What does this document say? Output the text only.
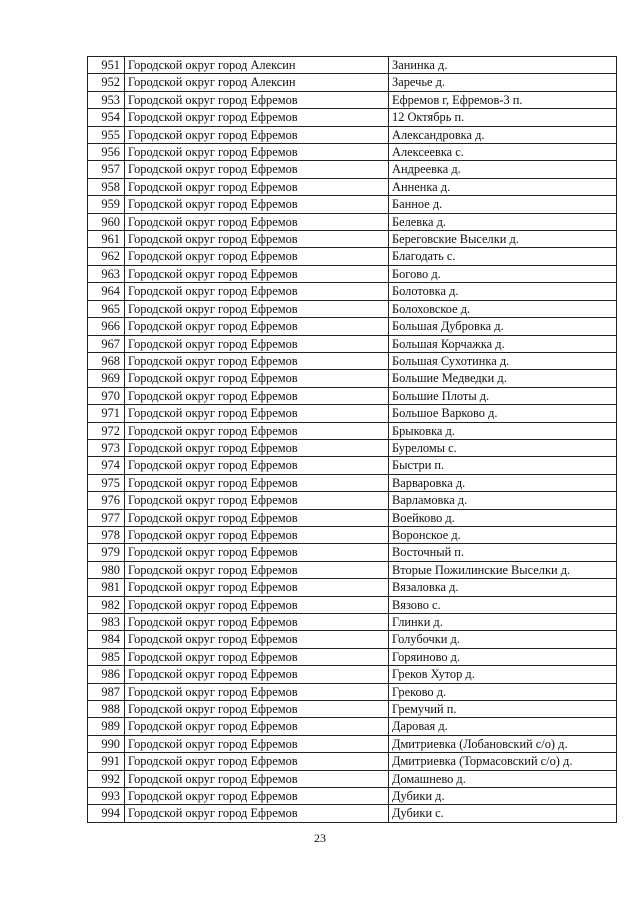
951	Городской округ город Алексин	Занинка д.
952	Городской округ город Алексин	Заречье д.
953	Городской округ город Ефремов	Ефремов г, Ефремов-3 п.
954	Городской округ город Ефремов	12 Октябрь п.
955	Городской округ город Ефремов	Александровка д.
956	Городской округ город Ефремов	Алексеевка с.
957	Городской округ город Ефремов	Андреевка д.
958	Городской округ город Ефремов	Анненка д.
959	Городской округ город Ефремов	Банное д.
960	Городской округ город Ефремов	Белевка д.
961	Городской округ город Ефремов	Береговские Выселки д.
962	Городской округ город Ефремов	Благодать с.
963	Городской округ город Ефремов	Богово д.
964	Городской округ город Ефремов	Болотовка д.
965	Городской округ город Ефремов	Болоховское д.
966	Городской округ город Ефремов	Большая Дубровка д.
967	Городской округ город Ефремов	Большая Корчажка д.
968	Городской округ город Ефремов	Большая Сухотинка д.
969	Городской округ город Ефремов	Большие Медведки д.
970	Городской округ город Ефремов	Большие Плоты д.
971	Городской округ город Ефремов	Большое Варково д.
972	Городской округ город Ефремов	Брыковка д.
973	Городской округ город Ефремов	Буреломы с.
974	Городской округ город Ефремов	Быстри п.
975	Городской округ город Ефремов	Варваровка д.
976	Городской округ город Ефремов	Варламовка д.
977	Городской округ город Ефремов	Воейково д.
978	Городской округ город Ефремов	Воронское д.
979	Городской округ город Ефремов	Восточный п.
980	Городской округ город Ефремов	Вторые Пожилинские Выселки д.
981	Городской округ город Ефремов	Вязаловка д.
982	Городской округ город Ефремов	Вязово с.
983	Городской округ город Ефремов	Глинки д.
984	Городской округ город Ефремов	Голубочки д.
985	Городской округ город Ефремов	Горяиново д.
986	Городской округ город Ефремов	Греков Хутор д.
987	Городской округ город Ефремов	Греково д.
988	Городской округ город Ефремов	Гремучий п.
989	Городской округ город Ефремов	Даровая д.
990	Городской округ город Ефремов	Дмитриевка (Лобановский с/о) д.
991	Городской округ город Ефремов	Дмитриевка (Тормасовский с/о) д.
992	Городской округ город Ефремов	Домашнево д.
993	Городской округ город Ефремов	Дубики д.
994	Городской округ город Ефремов	Дубики с.
23
